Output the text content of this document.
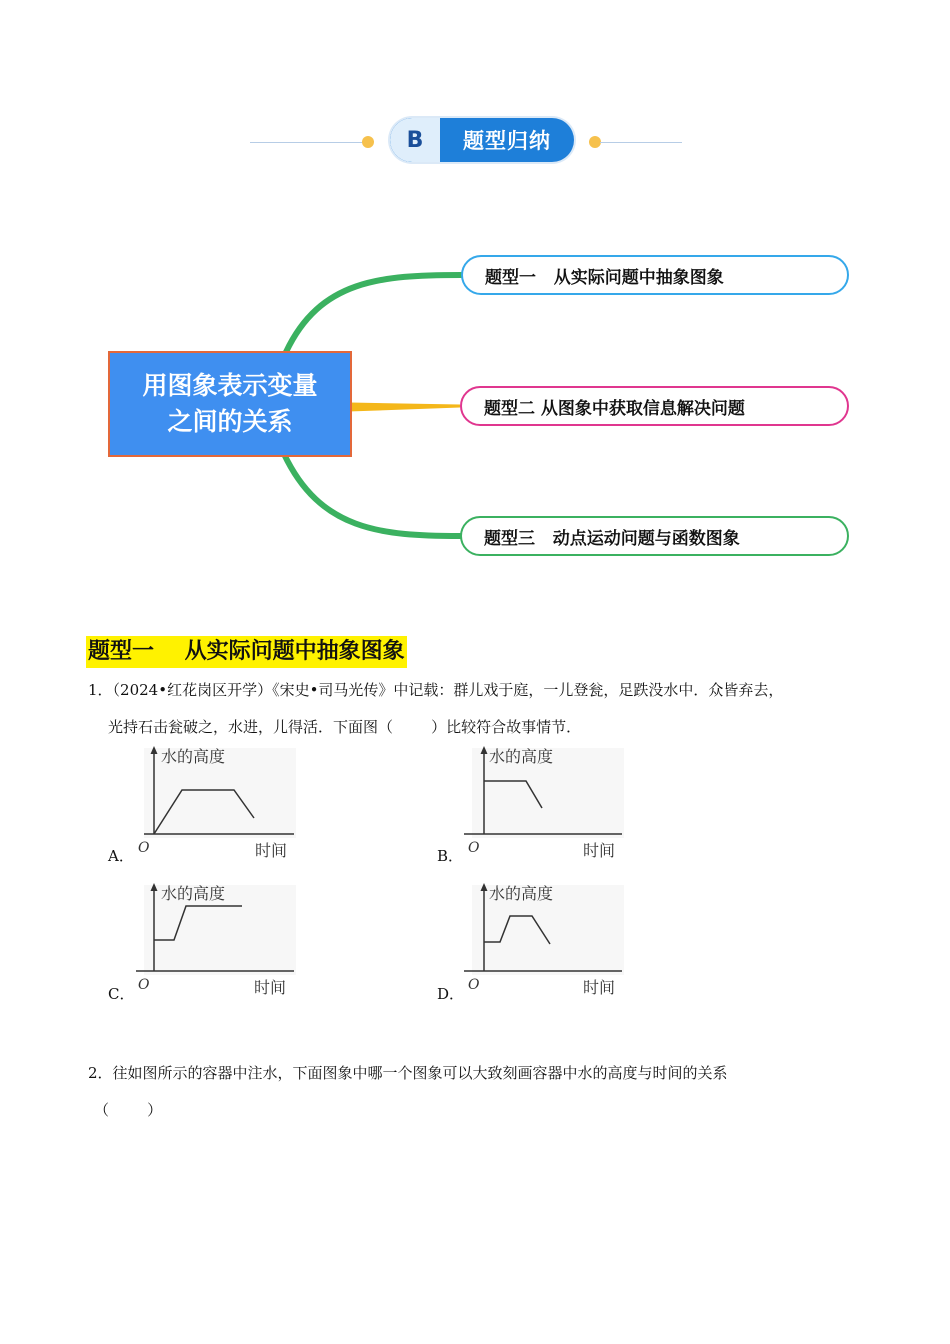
B	题型归纳
用图象表示变量
之间的关系
题型一   从实际问题中抽象图象
题型二 从图象中获取信息解决问题
题型三   动点运动问题与函数图象
题型一    从实际问题中抽象图象
1．（2024•红花岗区开学）《宋史•司马光传》中记载：群儿戏于庭，一儿登瓮，足跌没水中．众皆弃去，
光持石击瓮破之，水进，儿得活．下面图（        ）比较符合故事情节．
A．
水的高度
O	时间	B．
水的高度
O	时间
C．
水的高度
O	时间	D．
水的高度
O	时间
2．往如图所示的容器中注水，下面图象中哪一个图象可以大致刻画容器中水的高度与时间的关系
（        ）
